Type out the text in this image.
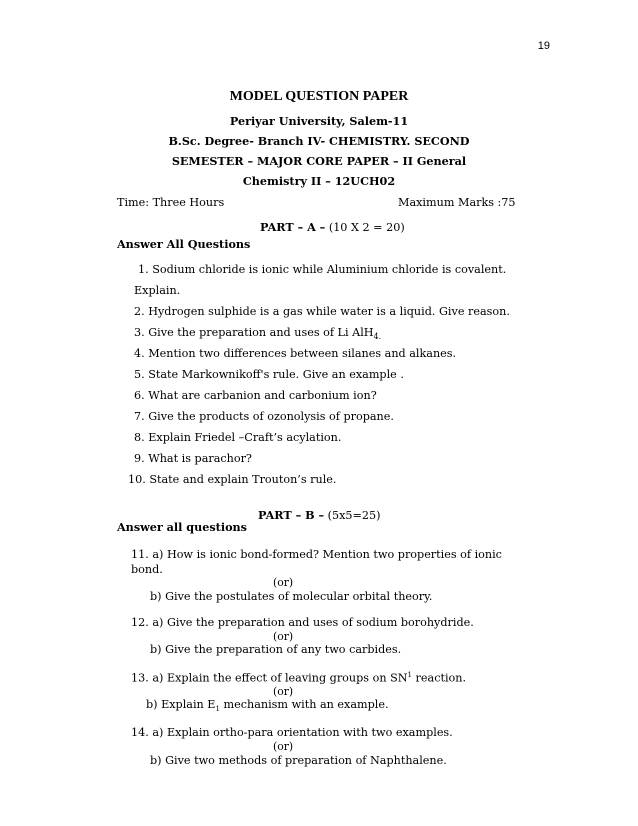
19
MODEL QUESTION PAPER
Periyar University, Salem-11
B.Sc. Degree- Branch IV- CHEMISTRY. SECOND
SEMESTER – MAJOR CORE PAPER – II General
Chemistry II – 12UCH02
Time: Three Hours	Maximum Marks :75
PART – A – (10 X 2 = 20)
Answer All Questions
1. Sodium chloride is ionic while Aluminium chloride is covalent.
Explain.
2. Hydrogen sulphide is a gas while water is a liquid. Give reason.
3. Give the preparation and uses of Li AlH$_{4.}$
4. Mention two differences between silanes and alkanes.
5. State Markownikoff's rule. Give an example .
6. What are carbanion and carbonium ion?
7. Give the products of ozonolysis of propane.
8. Explain Friedel –Craft’s acylation.
9. What is parachor?
10. State and explain Trouton’s rule.
PART – B – (5x5=25)
Answer all questions
11. a) How is ionic bond-formed? Mention two properties of ionic
bond.
(or)
b) Give the postulates of molecular orbital theory.
12. a) Give the preparation and uses of sodium borohydride.
(or)
b) Give the preparation of any two carbides.
13. a) Explain the effect of leaving groups on $SN^1$ reaction.
(or)
b) Explain $E_1$ mechanism with an example.
14. a) Explain ortho-para orientation with two examples.
(or)
b) Give two methods of preparation of Naphthalene.
